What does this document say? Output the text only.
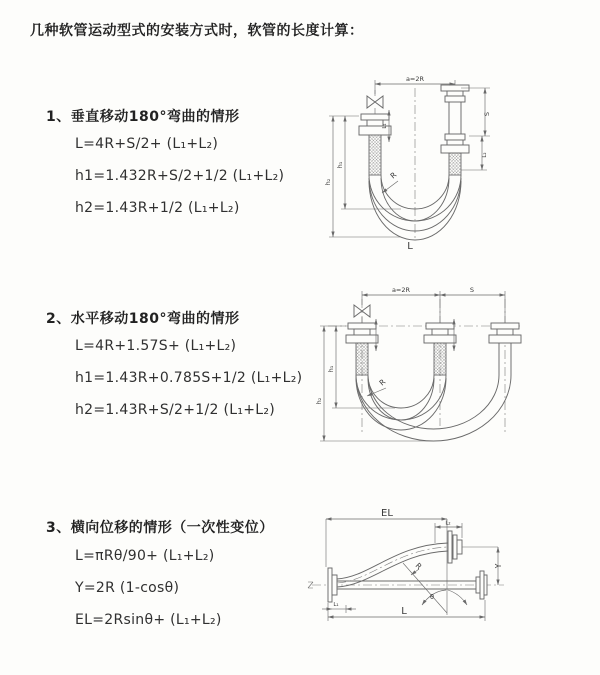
几种软管运动型式的安装方式时，软管的长度计算：
1、垂直移动180°弯曲的情形
L=4R+S/2+ (L₁+L₂)
h1=1.432R+S/2+1/2 (L₁+L₂)
h2=1.43R+1/2 (L₁+L₂)
2、水平移动180°弯曲的情形
L=4R+1.57S+ (L₁+L₂)
h1=1.43R+0.785S+1/2 (L₁+L₂)
h2=1.43R+S/2+1/2 (L₁+L₂)
3、横向位移的情形（一次性变位）
L=πRθ/90+ (L₁+L₂)
Y=2R (1-cosθ)
EL=2Rsinθ+ (L₁+L₂)
a=2R
L₁
h₁
h₂
S
L₂
R
L
a=2R	S
h₁
h₂
R
θ
EL
L₂
Y
R
L
L₁
